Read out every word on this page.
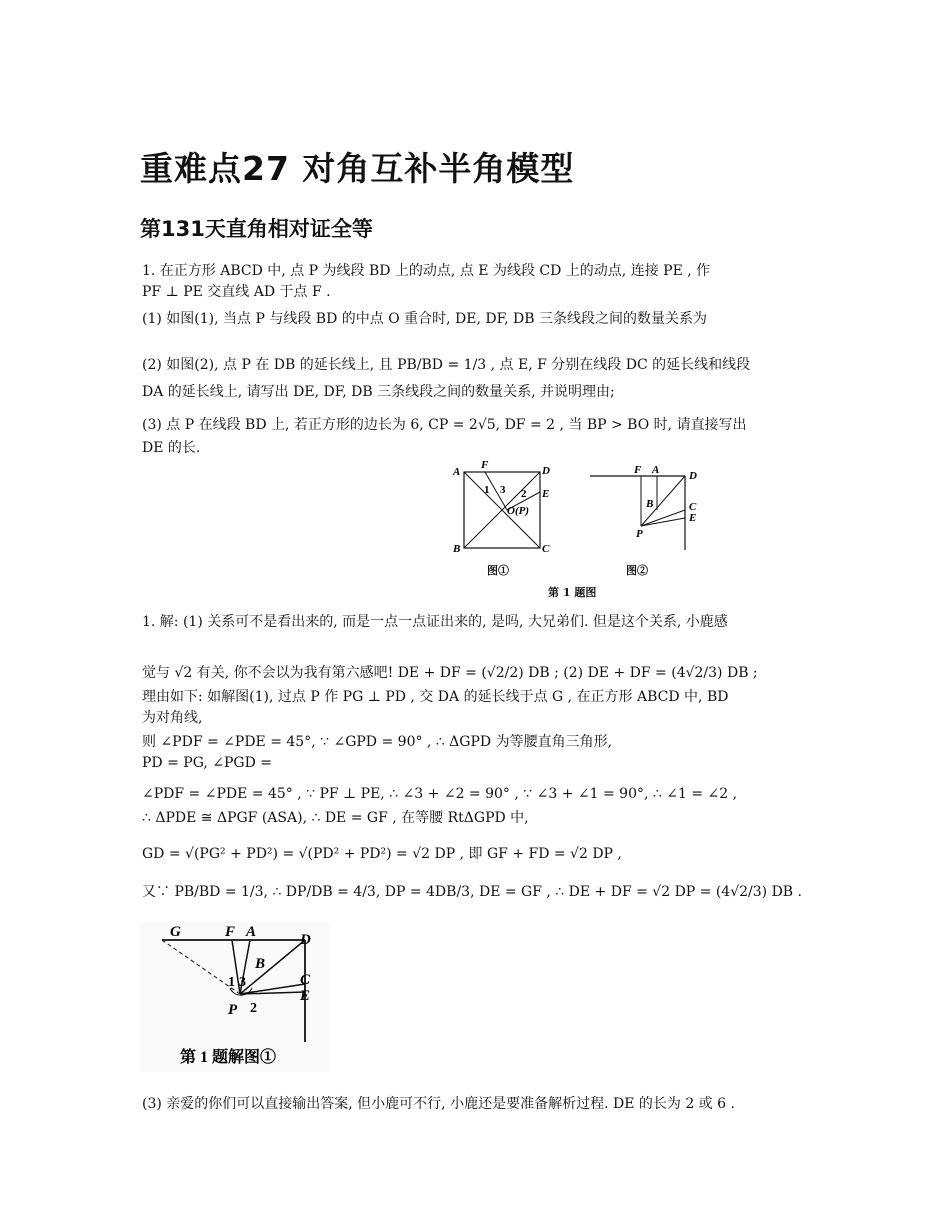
重难点27 对角互补半角模型
第131天直角相对证全等
1. 在正方形 ABCD 中, 点 P 为线段 BD 上的动点, 点 E 为线段 CD 上的动点, 连接 PE , 作
PF ⊥ PE 交直线 AD 于点 F .
(1) 如图(1), 当点 P 与线段 BD 的中点 O 重合时, DE, DF, DB 三条线段之间的数量关系为
(2) 如图(2), 点 P 在 DB 的延长线上, 且 PB/BD = 1/3 , 点 E, F 分别在线段 DC 的延长线和线段
DA 的延长线上, 请写出 DE, DF, DB 三条线段之间的数量关系, 并说明理由;
(3) 点 P 在线段 BD 上, 若正方形的边长为 6, CP = 2√5, DF = 2 , 当 BP > BO 时, 请直接写出
DE 的长.
A
F	D
E
B	C
O(P)
1	2
3
图①
F A	D
B	C
E
P
图②
第 1 题图
1. 解: (1) 关系可不是看出来的, 而是一点一点证出来的, 是吗, 大兄弟们. 但是这个关系, 小鹿感
觉与 √2 有关, 你不会以为我有第六感吧! DE + DF = (√2/2) DB ; (2) DE + DF = (4√2/3) DB ;
理由如下: 如解图(1), 过点 P 作 PG ⊥ PD , 交 DA 的延长线于点 G , 在正方形 ABCD 中, BD
为对角线,
则 ∠PDF = ∠PDE = 45°, ∵ ∠GPD = 90° , ∴ ΔGPD 为等腰直角三角形,
PD = PG, ∠PGD =
∠PDF = ∠PDE = 45° , ∵ PF ⊥ PE, ∴ ∠3 + ∠2 = 90° , ∵ ∠3 + ∠1 = 90°, ∴ ∠1 = ∠2 ,
∴ ΔPDE ≅ ΔPGF (ASA), ∴ DE = GF , 在等腰 RtΔGPD 中,
GD = √(PG² + PD²) = √(PD² + PD²) = √2 DP , 即 GF + FD = √2 DP ,
又∵ PB/BD = 1/3, ∴ DP/DB = 4/3, DP = 4DB/3, DE = GF , ∴ DE + DF = √2 DP = (4√2/3) DB .
G	F A	D
B
C
E
P
1
2
3
第 1 题解图①
(3) 亲爱的你们可以直接输出答案, 但小鹿可不行, 小鹿还是要准备解析过程. DE 的长为 2 或 6 .
